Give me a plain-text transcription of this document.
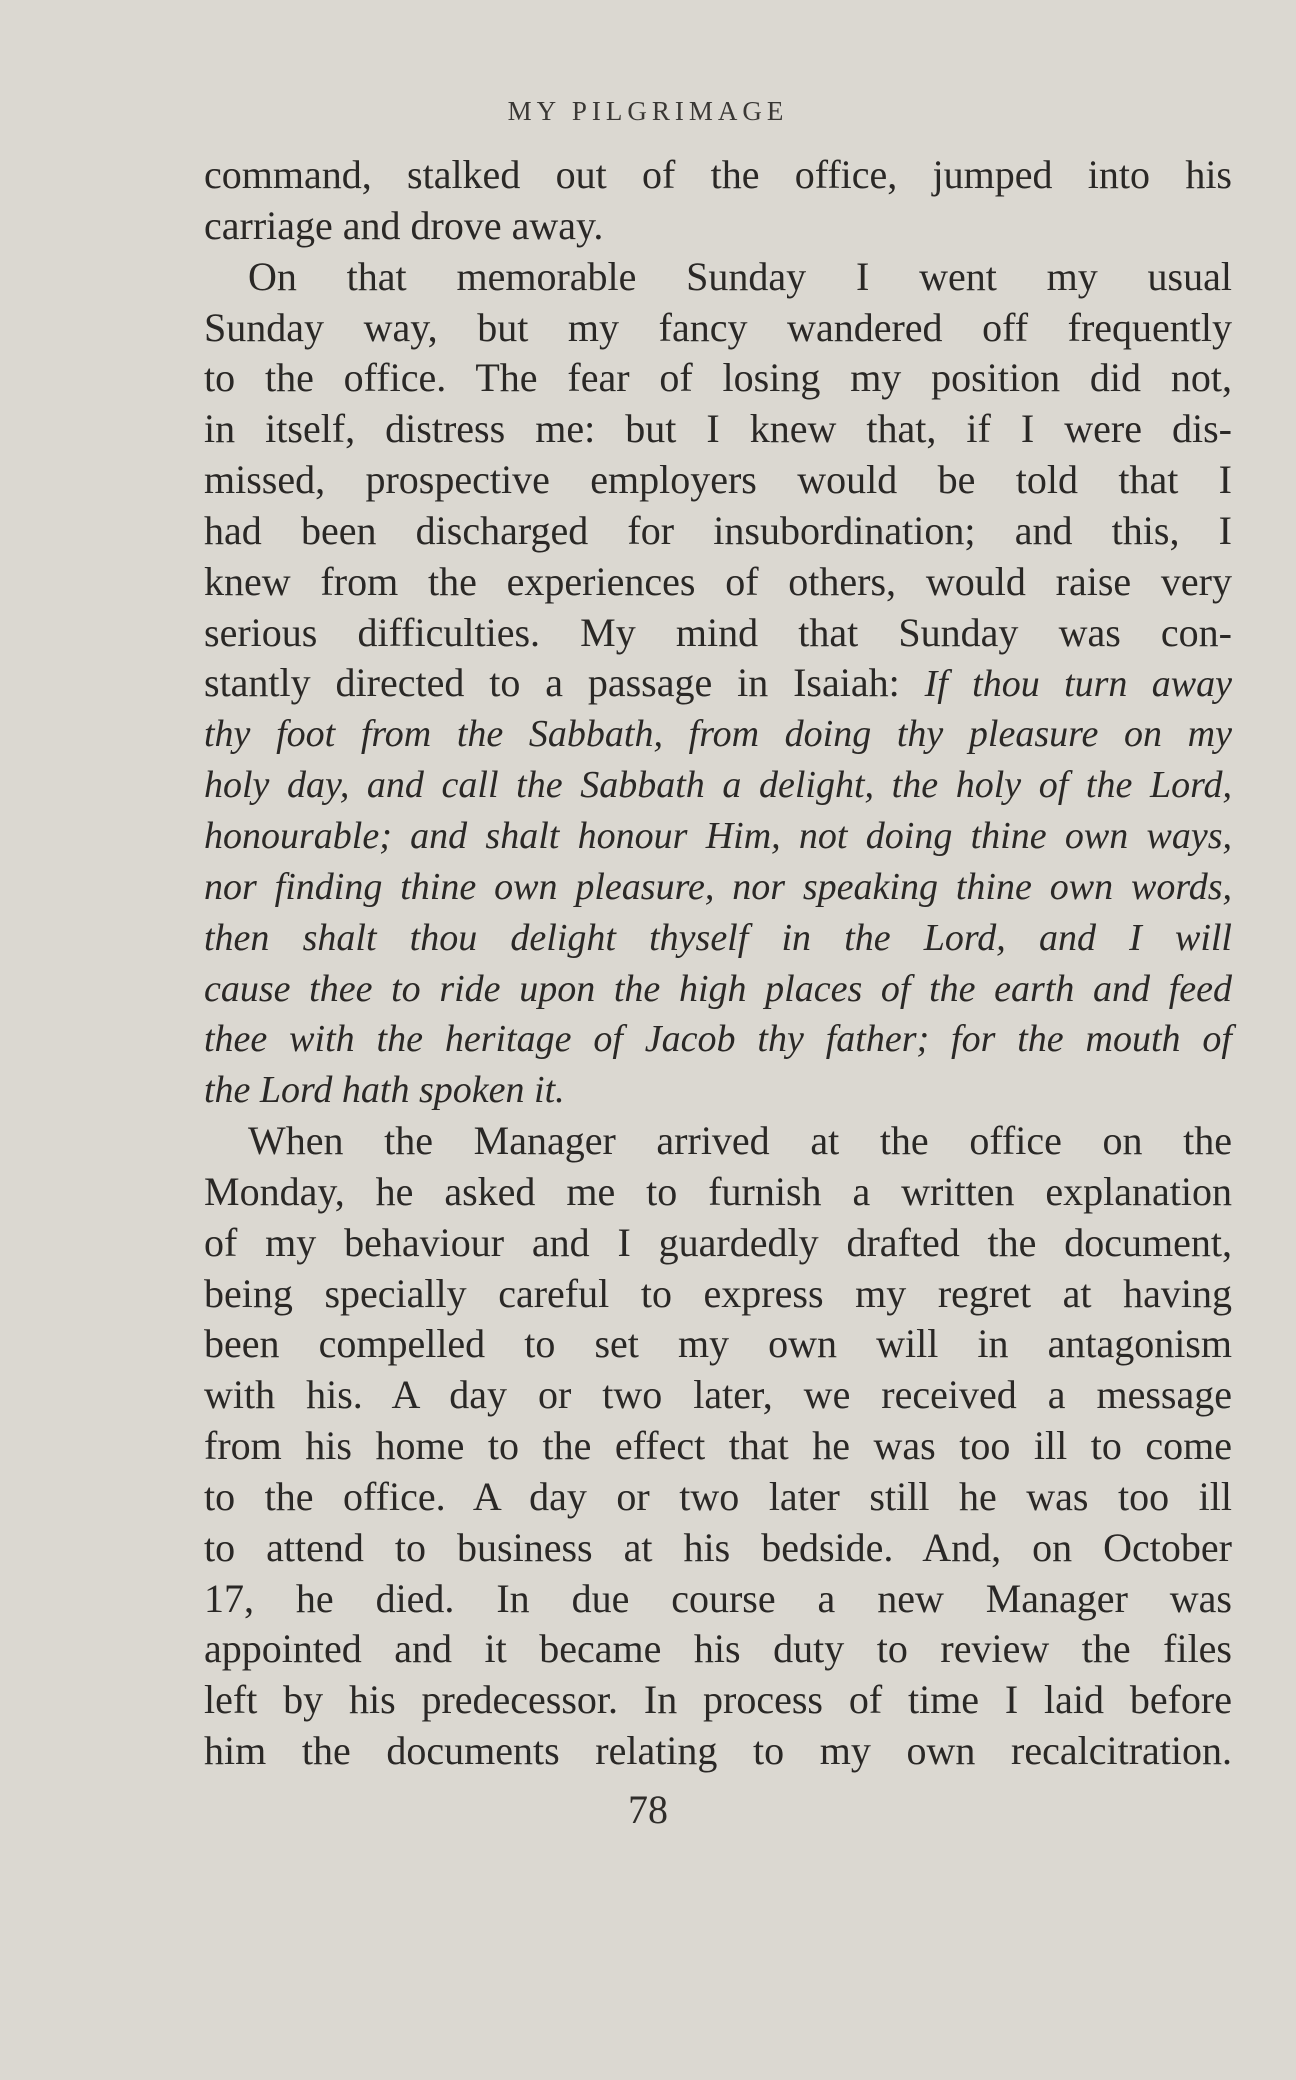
MY PILGRIMAGE
command, stalked out of the office, jumped into his
carriage and drove away.
On that memorable Sunday I went my usual
Sunday way, but my fancy wandered off frequently
to the office. The fear of losing my position did not,
in itself, distress me: but I knew that, if I were dis-
missed, prospective employers would be told that I
had been discharged for insubordination; and this, I
knew from the experiences of others, would raise very
serious difficulties. My mind that Sunday was con-
stantly directed to a passage in Isaiah: If thou turn away
thy foot from the Sabbath, from doing thy pleasure on my
holy day, and call the Sabbath a delight, the holy of the Lord,
honourable; and shalt honour Him, not doing thine own ways,
nor finding thine own pleasure, nor speaking thine own words,
then shalt thou delight thyself in the Lord, and I will
cause thee to ride upon the high places of the earth and feed
thee with the heritage of Jacob thy father; for the mouth of
the Lord hath spoken it.
When the Manager arrived at the office on the
Monday, he asked me to furnish a written explanation
of my behaviour and I guardedly drafted the document,
being specially careful to express my regret at having
been compelled to set my own will in antagonism
with his. A day or two later, we received a message
from his home to the effect that he was too ill to come
to the office. A day or two later still he was too ill
to attend to business at his bedside. And, on October
17, he died. In due course a new Manager was
appointed and it became his duty to review the files
left by his predecessor. In process of time I laid before
him the documents relating to my own recalcitration.
78
